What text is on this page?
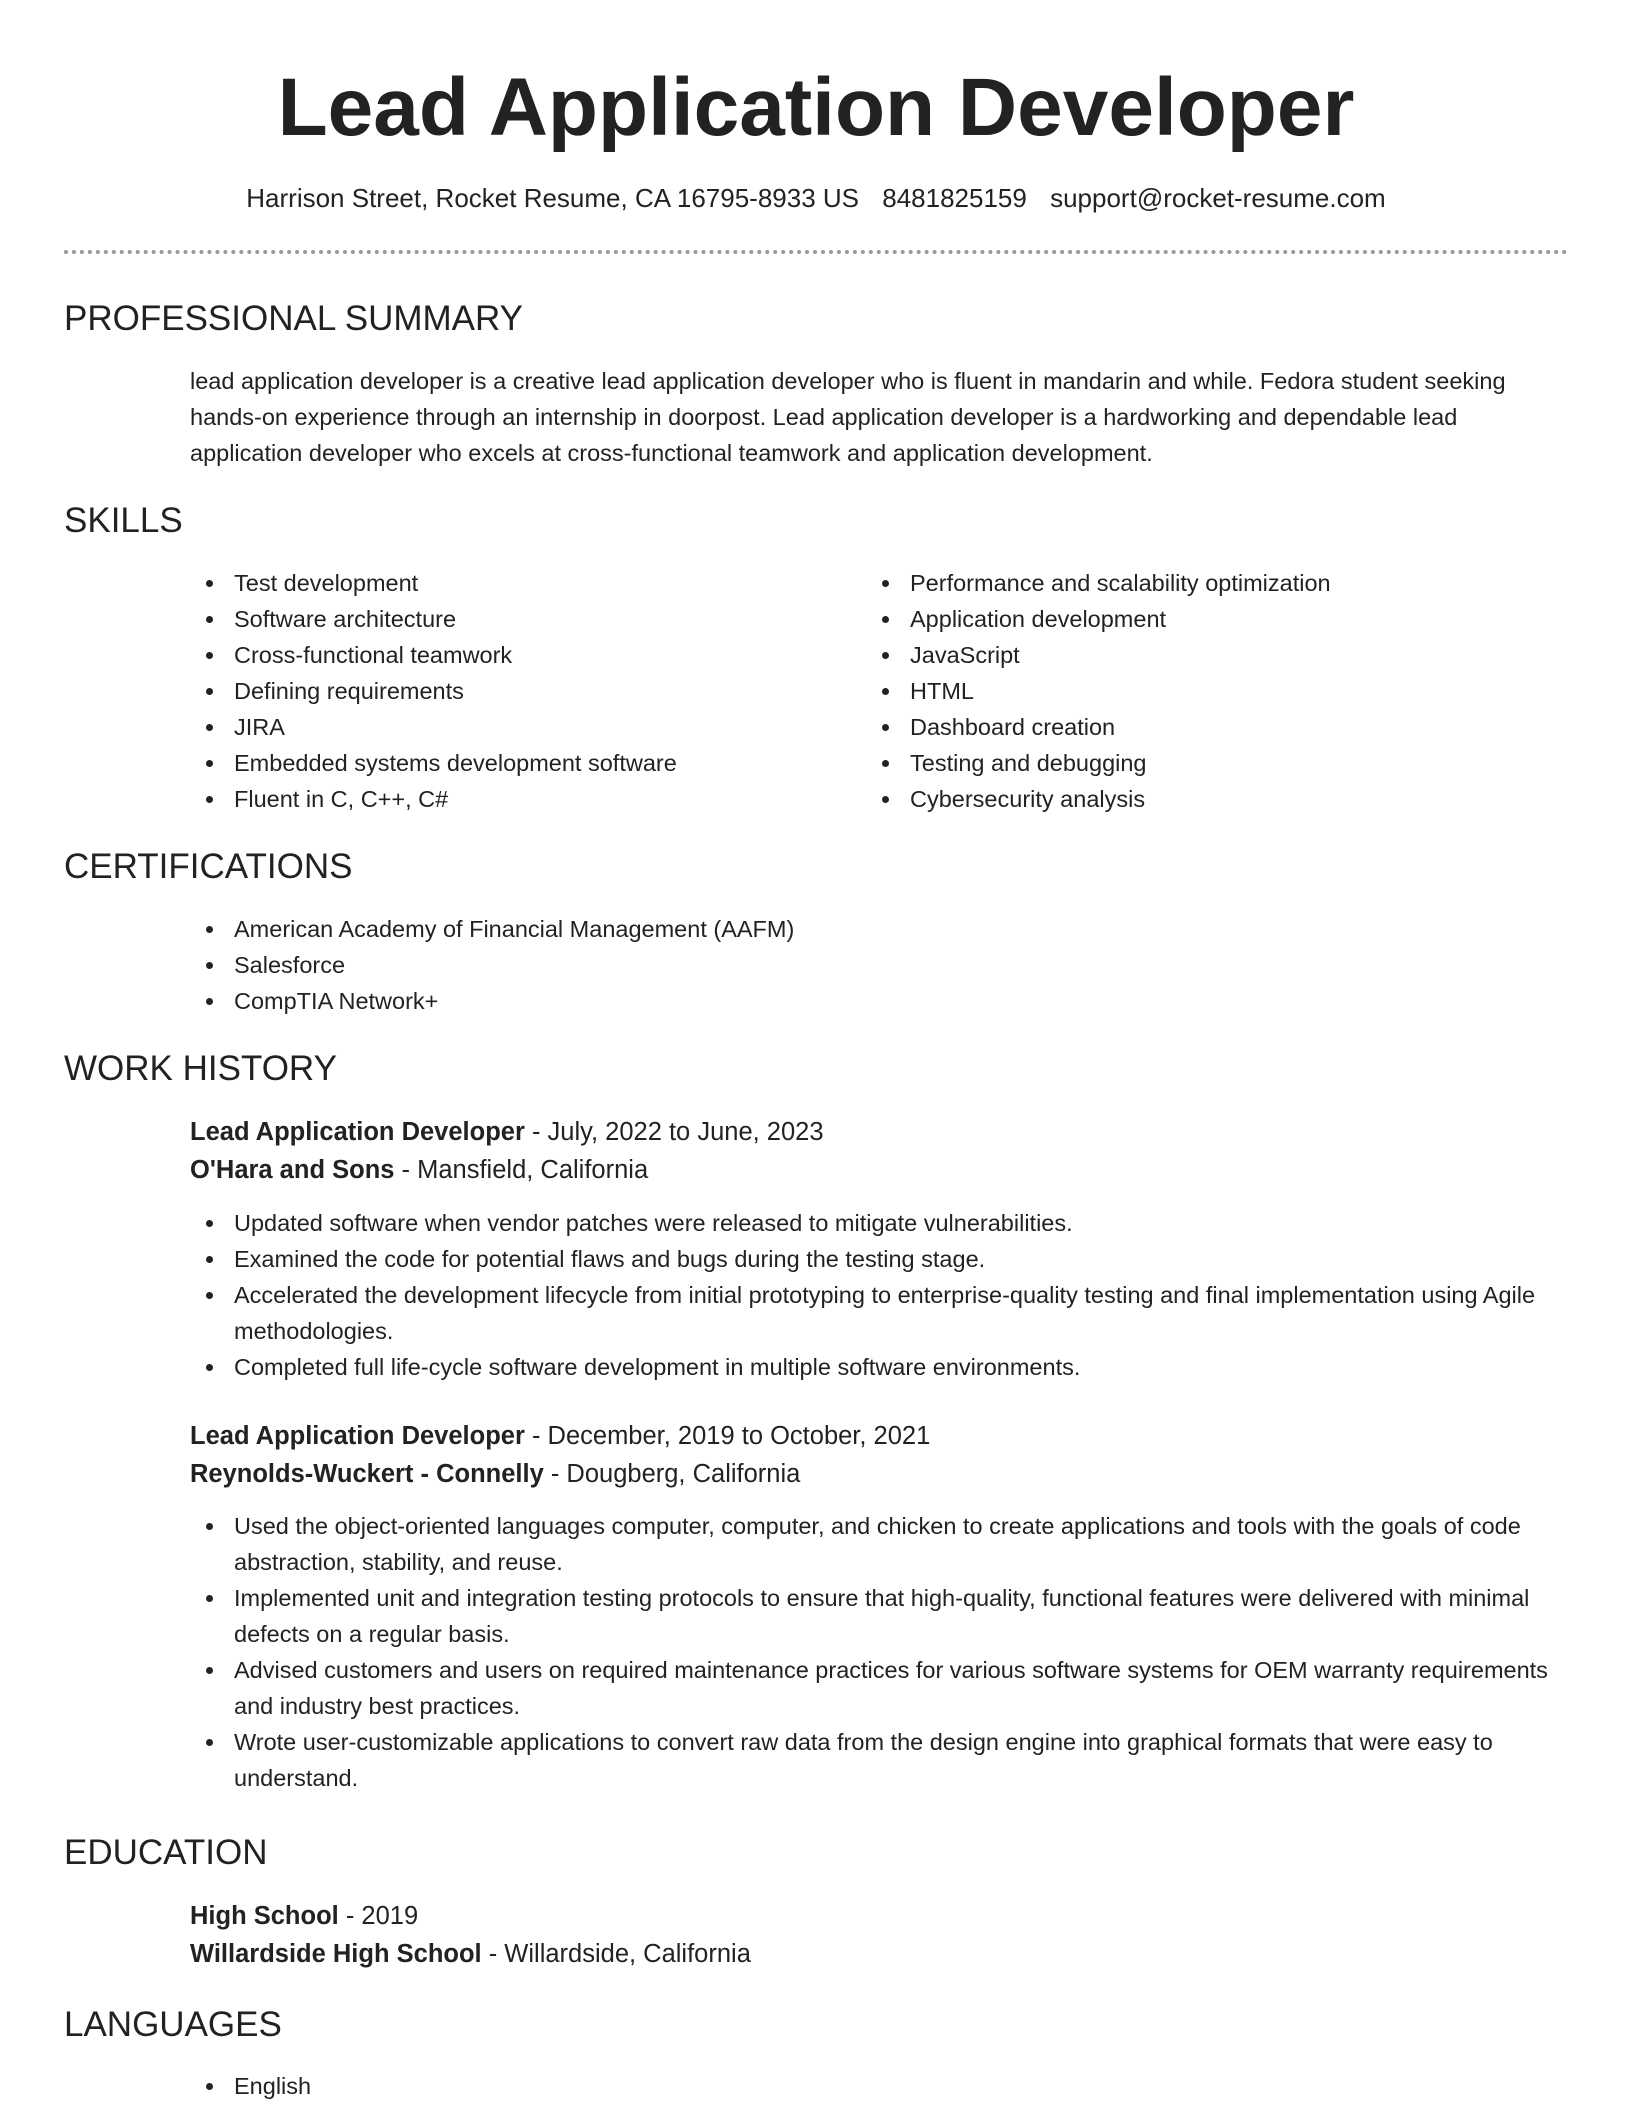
Lead Application Developer
Harrison Street, Rocket Resume, CA 16795-8933 US 8481825159 support@rocket-resume.com
PROFESSIONAL SUMMARY
lead application developer is a creative lead application developer who is fluent in mandarin and while. Fedora student seeking hands-on experience through an internship in doorpost. Lead application developer is a hardworking and dependable lead application developer who excels at cross-functional teamwork and application development.
SKILLS
Test development
Software architecture
Cross-functional teamwork
Defining requirements
JIRA
Embedded systems development software
Fluent in C, C++, C#
Performance and scalability optimization
Application development
JavaScript
HTML
Dashboard creation
Testing and debugging
Cybersecurity analysis
CERTIFICATIONS
American Academy of Financial Management (AAFM)
Salesforce
CompTIA Network+
WORK HISTORY
Lead Application Developer - July, 2022 to June, 2023
O'Hara and Sons - Mansfield, California
Updated software when vendor patches were released to mitigate vulnerabilities.
Examined the code for potential flaws and bugs during the testing stage.
Accelerated the development lifecycle from initial prototyping to enterprise-quality testing and final implementation using Agile methodologies.
Completed full life-cycle software development in multiple software environments.
Lead Application Developer - December, 2019 to October, 2021
Reynolds-Wuckert - Connelly - Dougberg, California
Used the object-oriented languages computer, computer, and chicken to create applications and tools with the goals of code abstraction, stability, and reuse.
Implemented unit and integration testing protocols to ensure that high-quality, functional features were delivered with minimal defects on a regular basis.
Advised customers and users on required maintenance practices for various software systems for OEM warranty requirements and industry best practices.
Wrote user-customizable applications to convert raw data from the design engine into graphical formats that were easy to understand.
EDUCATION
High School - 2019
Willardside High School - Willardside, California
LANGUAGES
English
